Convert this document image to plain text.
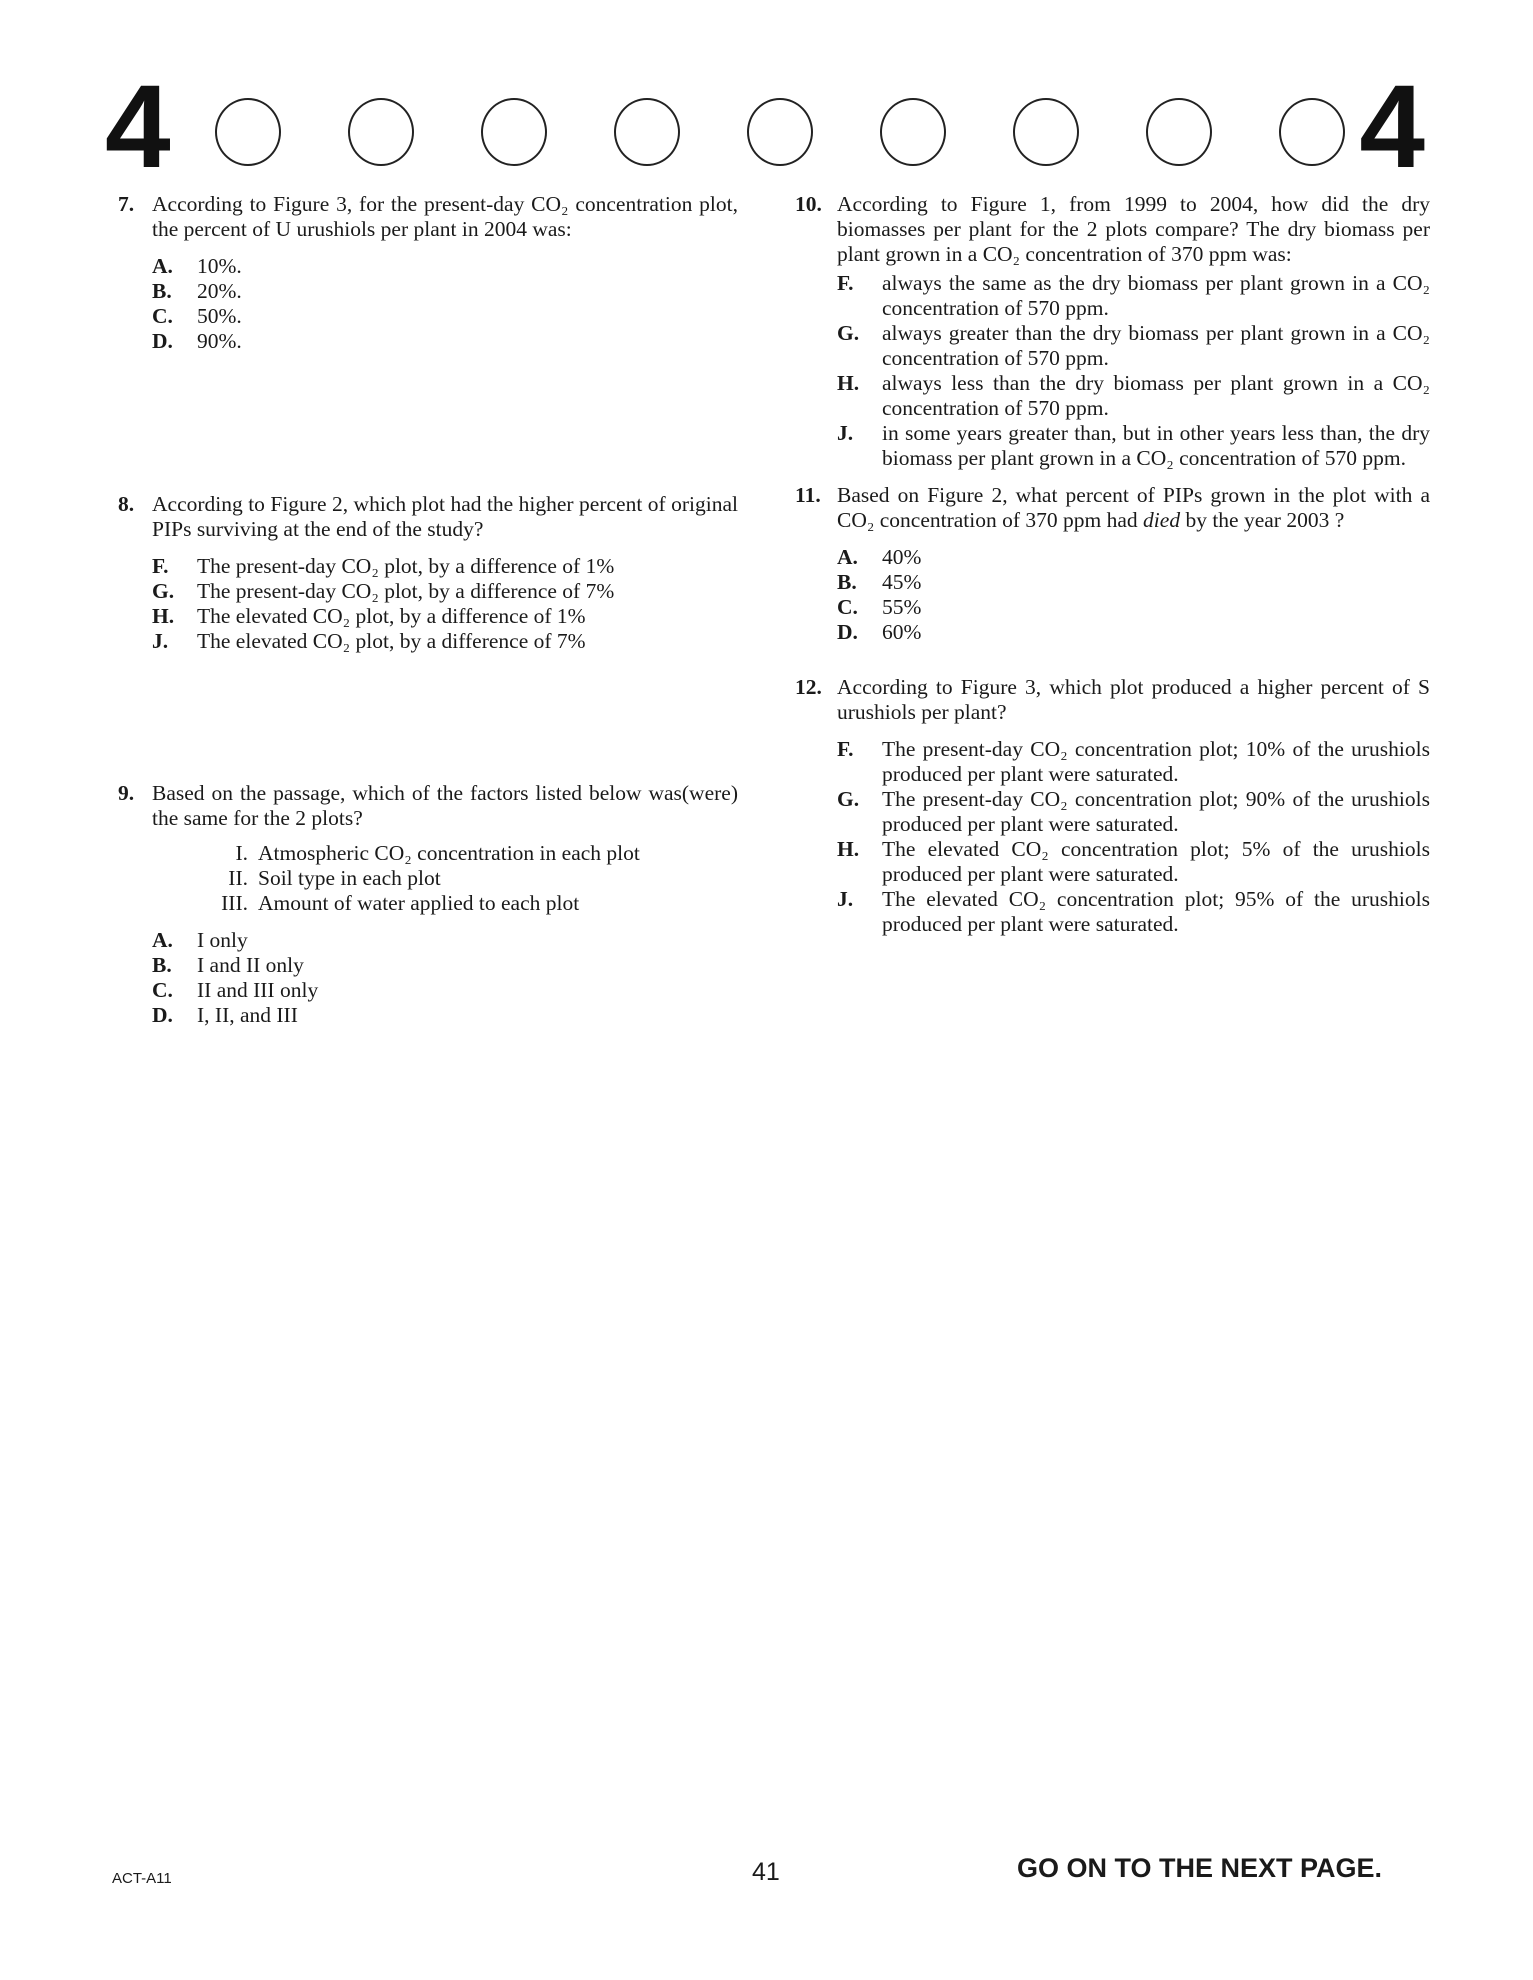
4	4
7. According to Figure 3, for the present-day CO₂ concentration plot, the percent of U urushiols per plant in 2004 was:
A.	10%.
B.	20%.
C.	50%.
D.	90%.
8. According to Figure 2, which plot had the higher percent of original PIPs surviving at the end of the study?
F.	The present-day CO₂ plot, by a difference of 1%
G.	The present-day CO₂ plot, by a difference of 7%
H.	The elevated CO₂ plot, by a difference of 1%
J.	The elevated CO₂ plot, by a difference of 7%
9. Based on the passage, which of the factors listed below was(were) the same for the 2 plots?
I. Atmospheric CO₂ concentration in each plot
II. Soil type in each plot
III. Amount of water applied to each plot
A.	I only
B.	I and II only
C.	II and III only
D.	I, II, and III
10. According to Figure 1, from 1999 to 2004, how did the dry biomasses per plant for the 2 plots compare? The dry biomass per plant grown in a CO₂ concentration of 370 ppm was:
F.	always the same as the dry biomass per plant grown in a CO₂ concentration of 570 ppm.
G.	always greater than the dry biomass per plant grown in a CO₂ concentration of 570 ppm.
H.	always less than the dry biomass per plant grown in a CO₂ concentration of 570 ppm.
J.	in some years greater than, but in other years less than, the dry biomass per plant grown in a CO₂ concentration of 570 ppm.
11. Based on Figure 2, what percent of PIPs grown in the plot with a CO₂ concentration of 370 ppm had died by the year 2003 ?
A.	40%
B.	45%
C.	55%
D.	60%
12. According to Figure 3, which plot produced a higher percent of S urushiols per plant?
F.	The present-day CO₂ concentration plot; 10% of the urushiols produced per plant were saturated.
G.	The present-day CO₂ concentration plot; 90% of the urushiols produced per plant were saturated.
H.	The elevated CO₂ concentration plot; 5% of the urushiols produced per plant were saturated.
J.	The elevated CO₂ concentration plot; 95% of the urushiols produced per plant were saturated.
ACT-A11	41	GO ON TO THE NEXT PAGE.
